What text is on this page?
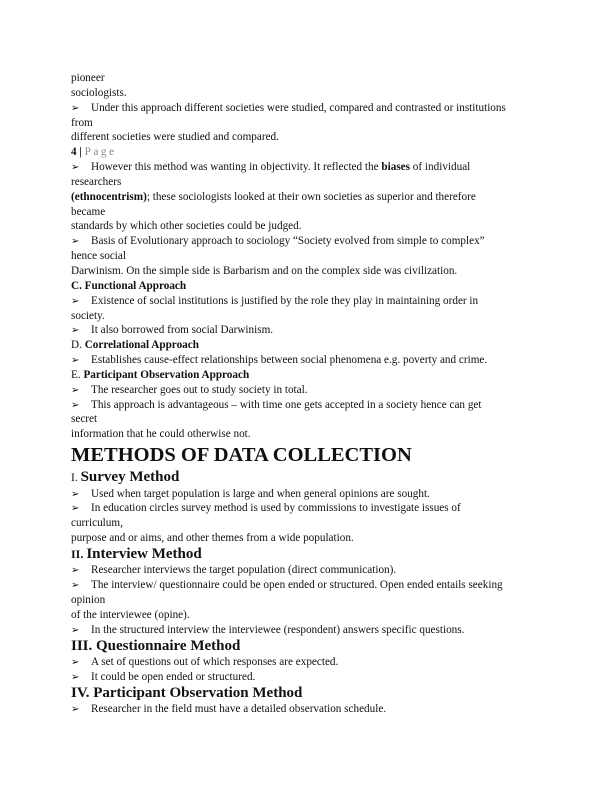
pioneer
sociologists.
➢ Under this approach different societies were studied, compared and contrasted or institutions
from
different societies were studied and compared.
4 | Page
➢ However this method was wanting in objectivity. It reflected the biases of individual
researchers
(ethnocentrism); these sociologists looked at their own societies as superior and therefore
became
standards by which other societies could be judged.
➢ Basis of Evolutionary approach to sociology “Society evolved from simple to complex”
hence social
Darwinism. On the simple side is Barbarism and on the complex side was civilization.
C. Functional Approach
➢ Existence of social institutions is justified by the role they play in maintaining order in
society.
➢ It also borrowed from social Darwinism.
D. Correlational Approach
➢ Establishes cause-effect relationships between social phenomena e.g. poverty and crime.
E. Participant Observation Approach
➢ The researcher goes out to study society in total.
➢ This approach is advantageous – with time one gets accepted in a society hence can get
secret
information that he could otherwise not.
METHODS OF DATA COLLECTION
I. Survey Method
➢ Used when target population is large and when general opinions are sought.
➢ In education circles survey method is used by commissions to investigate issues of
curriculum,
purpose and or aims, and other themes from a wide population.
II. Interview Method
➢ Researcher interviews the target population (direct communication).
➢ The interview/ questionnaire could be open ended or structured. Open ended entails seeking
opinion
of the interviewee (opine).
➢ In the structured interview the interviewee (respondent) answers specific questions.
III. Questionnaire Method
➢ A set of questions out of which responses are expected.
➢ It could be open ended or structured.
IV. Participant Observation Method
➢ Researcher in the field must have a detailed observation schedule.
